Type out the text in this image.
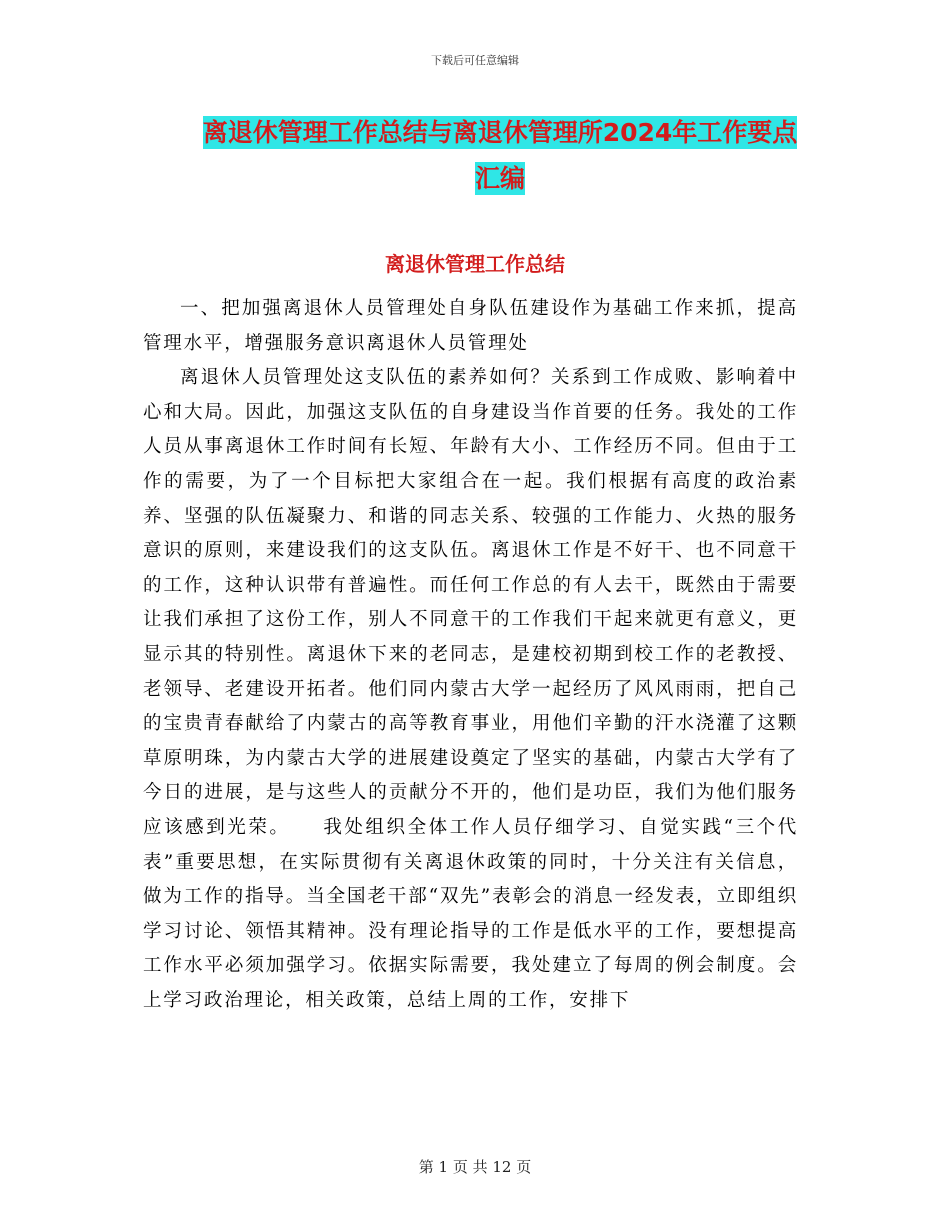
下载后可任意编辑
离退休管理工作总结与离退休管理所2024年工作要点
汇编
离退休管理工作总结

一、把加强离退休人员管理处自身队伍建设作为基础工作来抓，提高管理水平，增强服务意识离退休人员管理处

离退休人员管理处这支队伍的素养如何？关系到工作成败、影响着中心和大局。因此，加强这支队伍的自身建设当作首要的任务。我处的工作人员从事离退休工作时间有长短、年龄有大小、工作经历不同。但由于工作的需要，为了一个目标把大家组合在一起。我们根据有高度的政治素养、坚强的队伍凝聚力、和谐的同志关系、较强的工作能力、火热的服务意识的原则，来建设我们的这支队伍。离退休工作是不好干、也不同意干的工作，这种认识带有普遍性。而任何工作总的有人去干，既然由于需要让我们承担了这份工作，别人不同意干的工作我们干起来就更有意义，更显示其的特别性。离退休下来的老同志，是建校初期到校工作的老教授、老领导、老建设开拓者。他们同内蒙古大学一起经历了风风雨雨，把自己的宝贵青春献给了内蒙古的高等教育事业，用他们辛勤的汗水浇灌了这颗草原明珠，为内蒙古大学的进展建设奠定了坚实的基础，内蒙古大学有了今日的进展，是与这些人的贡献分不开的，他们是功臣，我们为他们服务应该感到光荣。　　我处组织全体工作人员仔细学习、自觉实践“三个代表”重要思想，在实际贯彻有关离退休政策的同时，十分关注有关信息，做为工作的指导。当全国老干部“双先”表彰会的消息一经发表，立即组织学习讨论、领悟其精神。没有理论指导的工作是低水平的工作，要想提高工作水平必须加强学习。依据实际需要，我处建立了每周的例会制度。会上学习政治理论，相关政策，总结上周的工作，安排下

第 1 页 共 12 页
